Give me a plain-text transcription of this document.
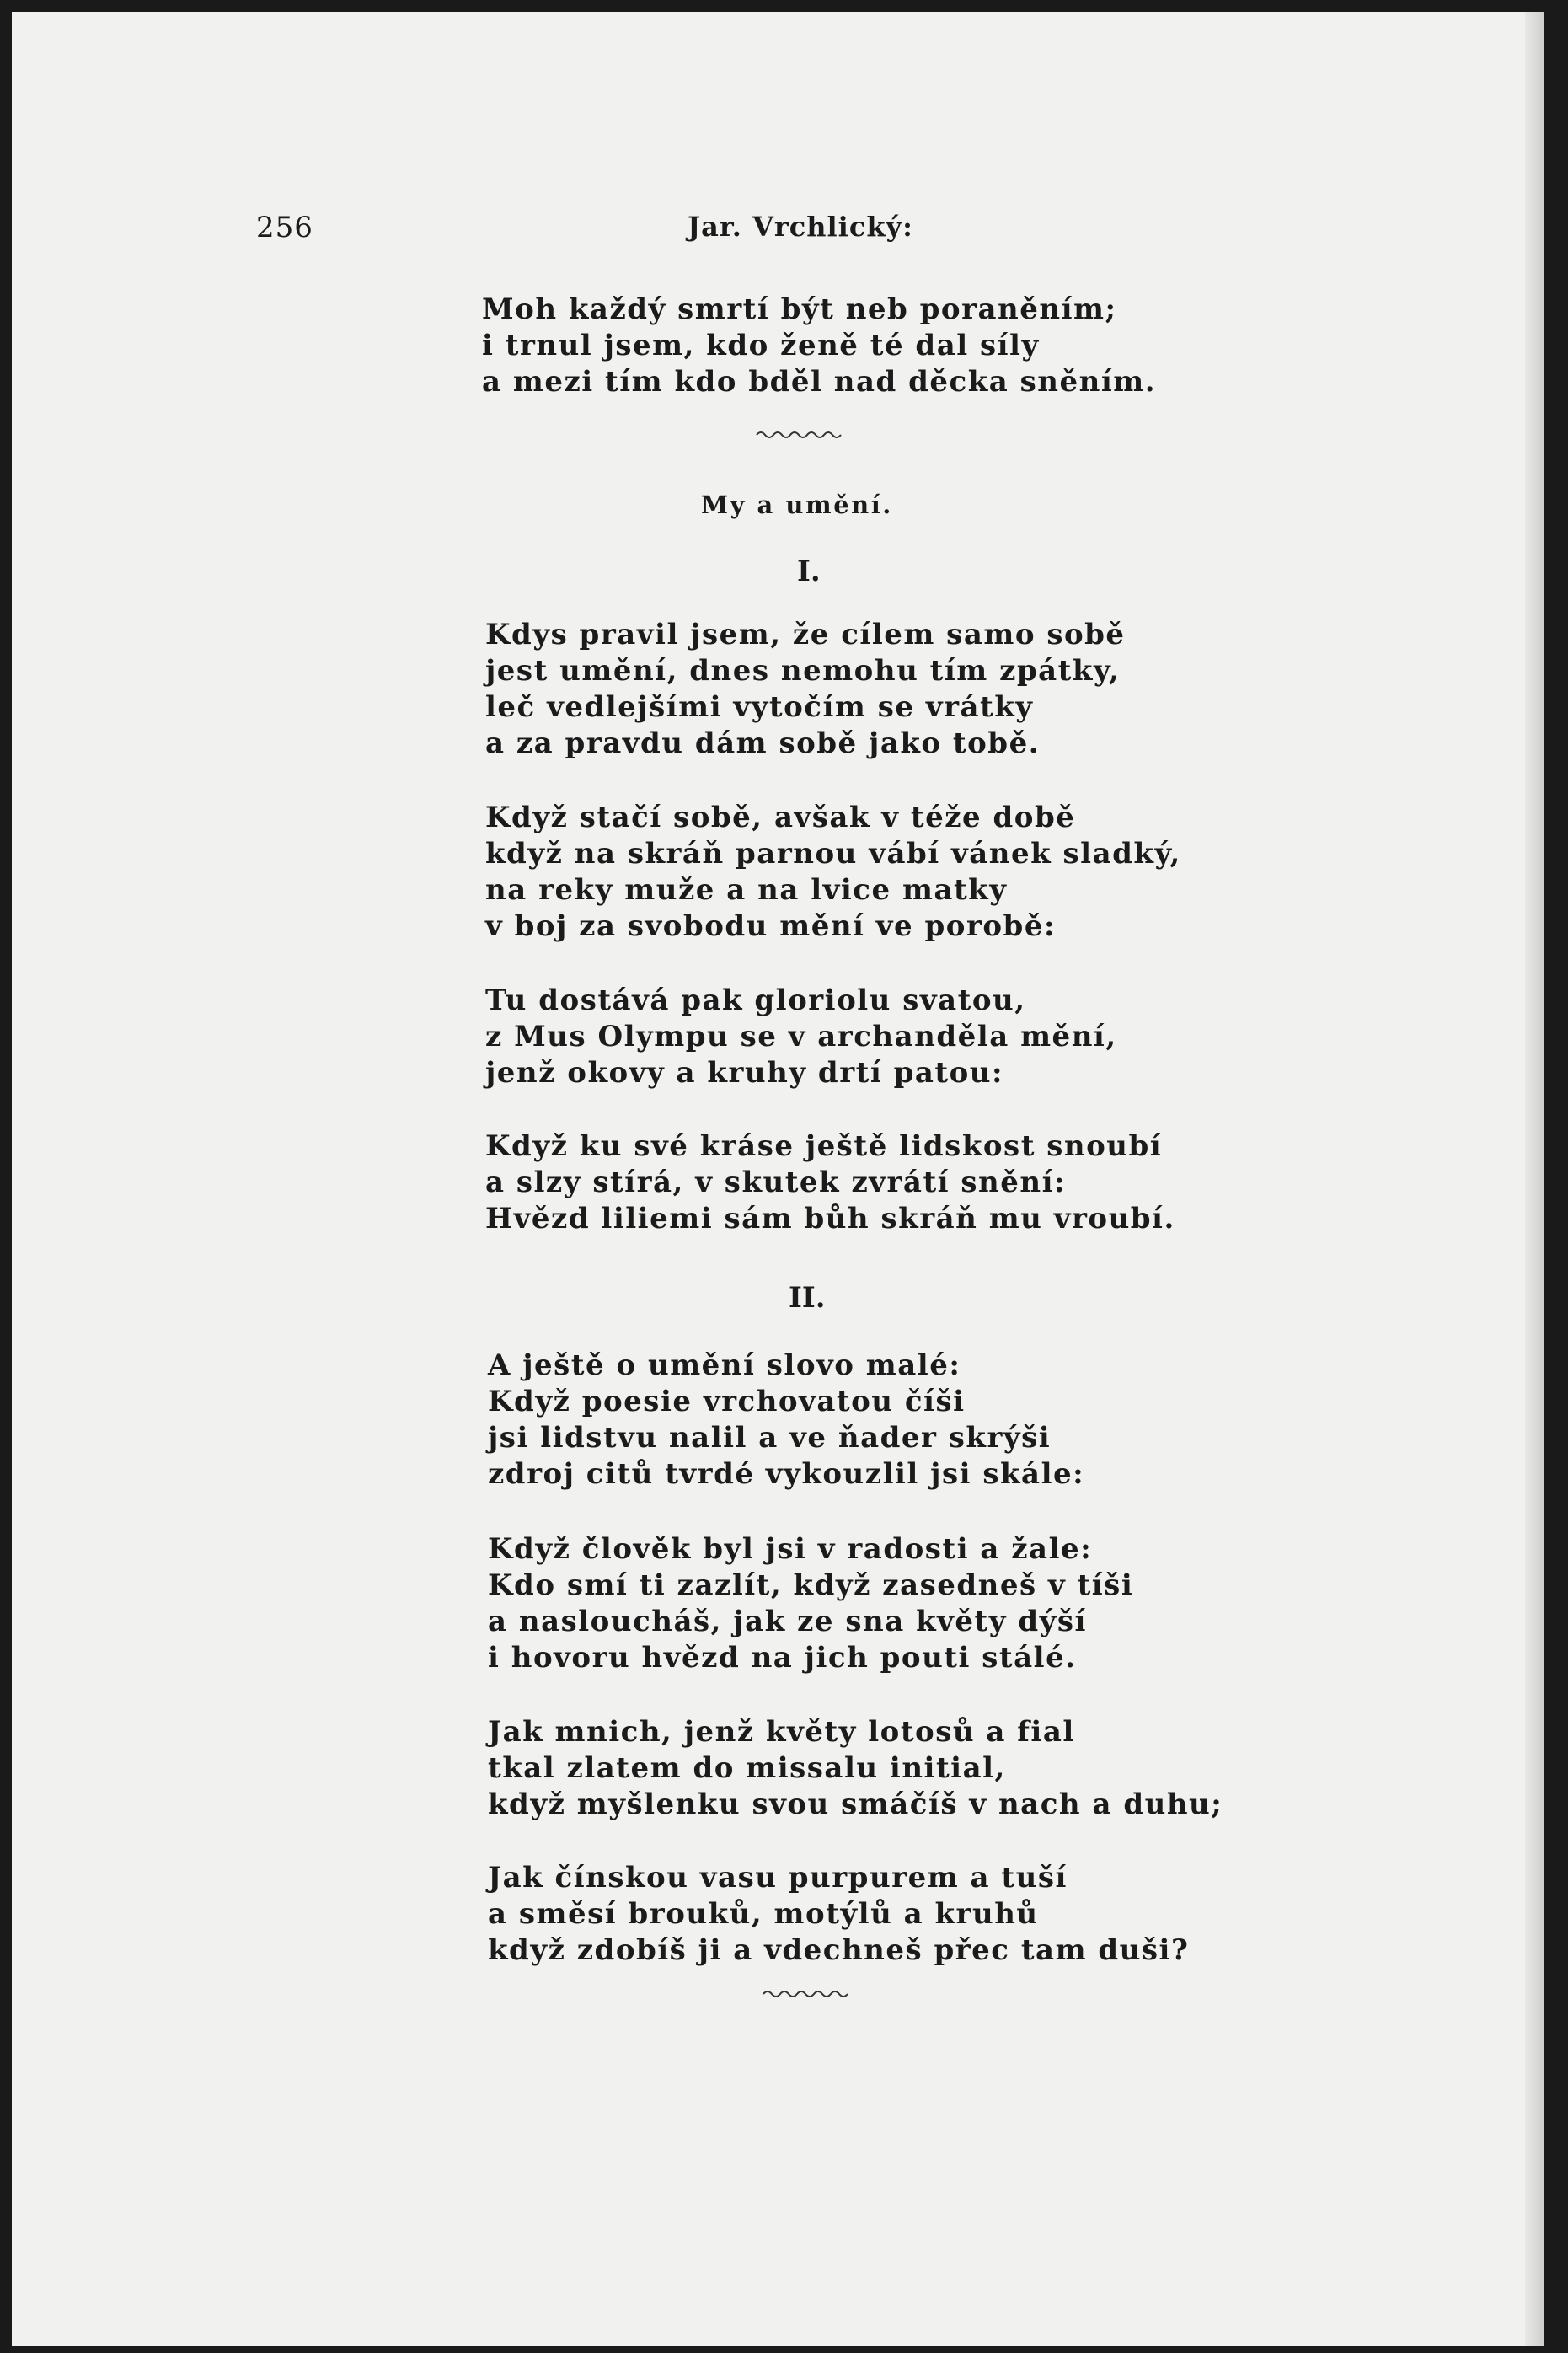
256	Jar. Vrchlický:
Moh každý smrtí být neb poraněním;
i trnul jsem, kdo ženě té dal síly
a mezi tím kdo bděl nad děcka sněním.
My a umění.
I.
Kdys pravil jsem, že cílem samo sobě
jest umění, dnes nemohu tím zpátky,
leč vedlejšími vytočím se vrátky
a za pravdu dám sobě jako tobě.
Když stačí sobě, avšak v téže době
když na skráň parnou vábí vánek sladký,
na reky muže a na lvice matky
v boj za svobodu mění ve porobě:
Tu dostává pak gloriolu svatou,
z Mus Olympu se v archanděla mění,
jenž okovy a kruhy drtí patou:
Když ku své kráse ještě lidskost snoubí
a slzy stírá, v skutek zvrátí snění:
Hvězd liliemi sám bůh skráň mu vroubí.
II.
A ještě o umění slovo malé:
Když poesie vrchovatou číši
jsi lidstvu nalil a ve ňader skrýši
zdroj citů tvrdé vykouzlil jsi skále:
Když člověk byl jsi v radosti a žale:
Kdo smí ti zazlít, když zasedneš v tíši
a nasloucháš, jak ze sna květy dýší
i hovoru hvězd na jich pouti stálé.
Jak mnich, jenž květy lotosů a fial
tkal zlatem do missalu initial,
když myšlenku svou smáčíš v nach a duhu;
Jak čínskou vasu purpurem a tuší
a směsí brouků, motýlů a kruhů
když zdobíš ji a vdechneš přec tam duši?
